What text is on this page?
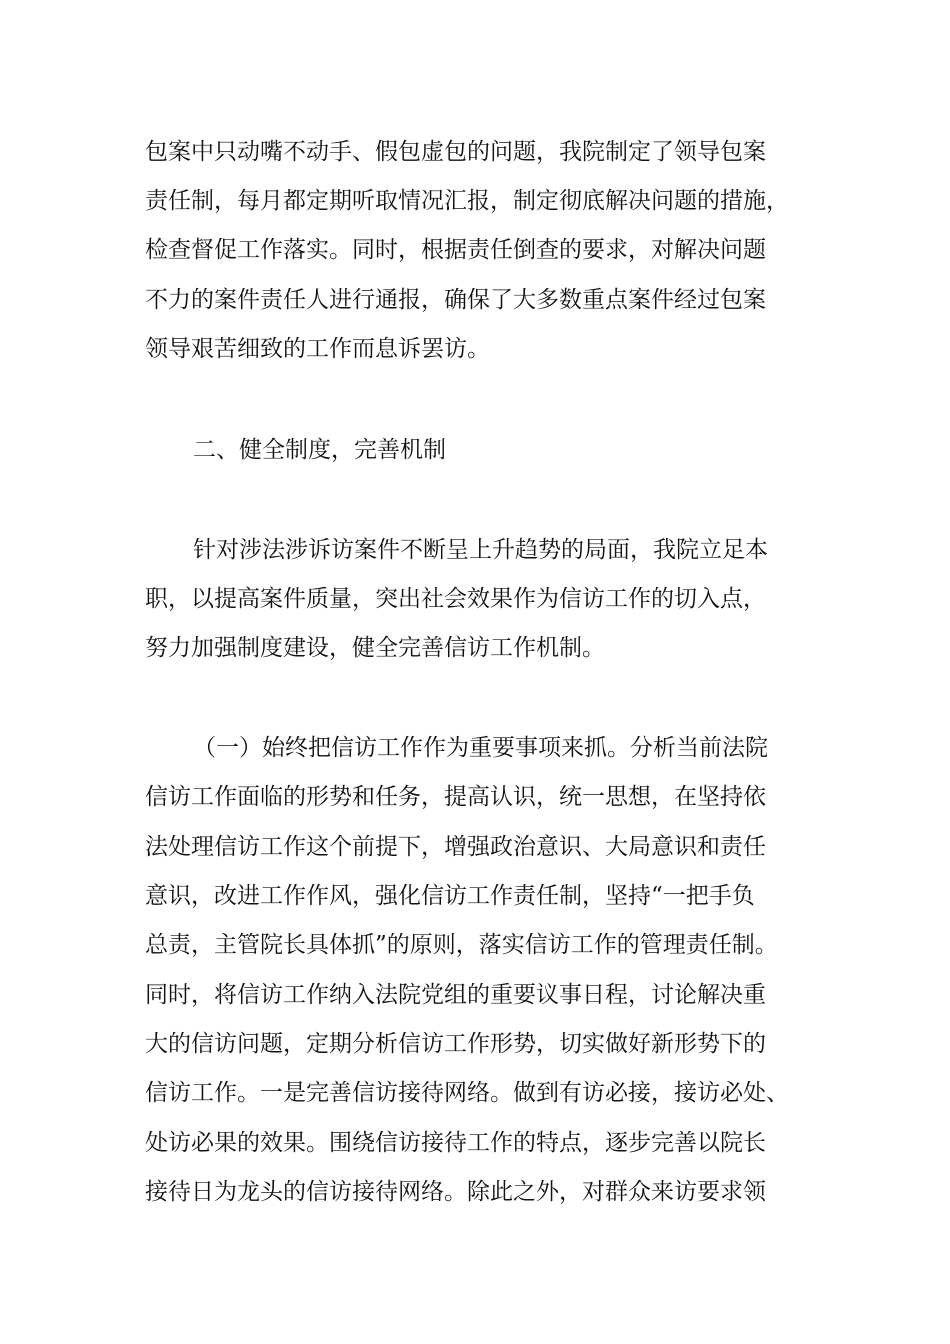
包案中只动嘴不动手、假包虚包的问题，我院制定了领导包案

责任制，每月都定期听取情况汇报，制定彻底解决问题的措施，

检查督促工作落实。同时，根据责任倒查的要求，对解决问题

不力的案件责任人进行通报，确保了大多数重点案件经过包案

领导艰苦细致的工作而息诉罢访。

二、健全制度，完善机制

针对涉法涉诉访案件不断呈上升趋势的局面，我院立足本

职，以提高案件质量，突出社会效果作为信访工作的切入点，

努力加强制度建设，健全完善信访工作机制。

（一）始终把信访工作作为重要事项来抓。分析当前法院

信访工作面临的形势和任务，提高认识，统一思想，在坚持依

法处理信访工作这个前提下，增强政治意识、大局意识和责任

意识，改进工作作风，强化信访工作责任制，坚持“一把手负

总责，主管院长具体抓”的原则，落实信访工作的管理责任制。

同时，将信访工作纳入法院党组的重要议事日程，讨论解决重

大的信访问题，定期分析信访工作形势，切实做好新形势下的

信访工作。一是完善信访接待网络。做到有访必接，接访必处、

处访必果的效果。围绕信访接待工作的特点，逐步完善以院长

接待日为龙头的信访接待网络。除此之外，对群众来访要求领
